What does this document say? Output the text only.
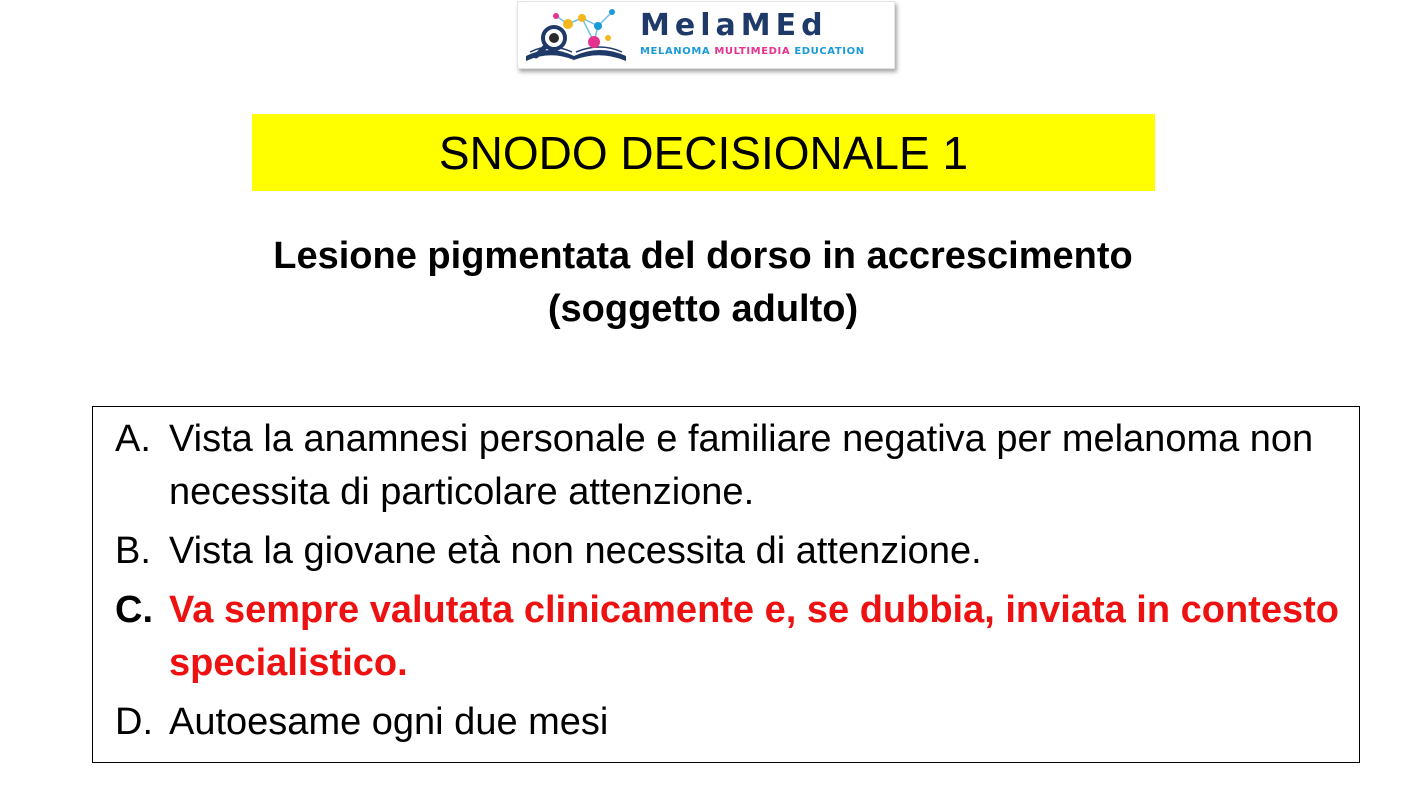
MelaMEd
MELANOMA MULTIMEDIA EDUCATION
SNODO DECISIONALE 1
Lesione pigmentata del dorso in accrescimento
(soggetto adulto)
A. Vista la anamnesi personale e familiare negativa per melanoma non necessita di particolare attenzione.
B. Vista la giovane età non necessita di attenzione.
C. Va sempre valutata clinicamente e, se dubbia, inviata in contesto specialistico.
D. Autoesame ogni due mesi
